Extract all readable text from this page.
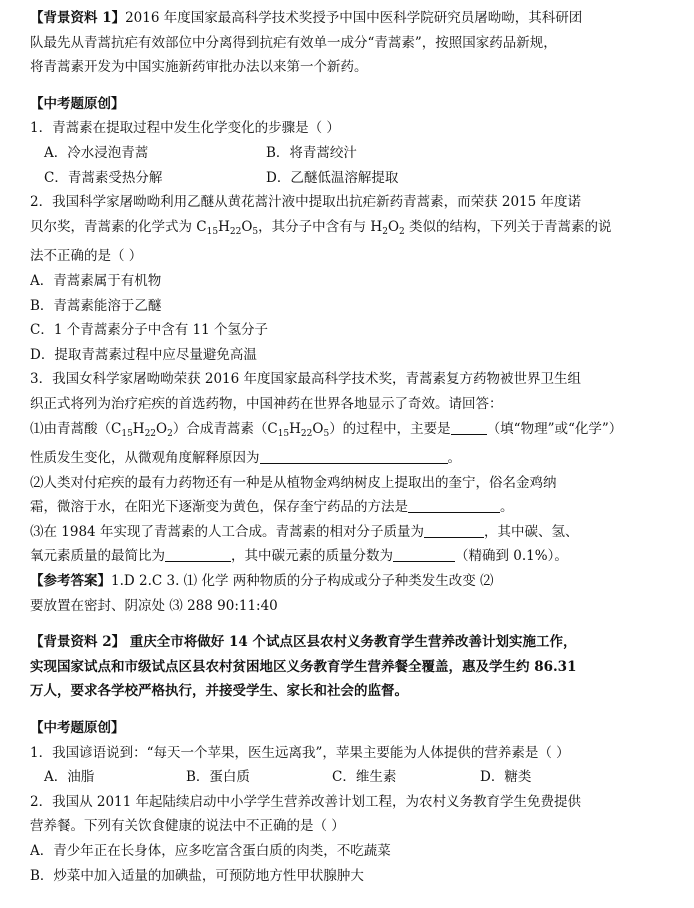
【背景资料 1】2016 年度国家最高科学技术奖授予中国中医科学院研究员屠呦呦，其科研团
队最先从青蒿抗疟有效部位中分离得到抗疟有效单一成分“青蒿素”，按照国家药品新规，
将青蒿素开发为中国实施新药审批办法以来第一个新药。
【中考题原创】
1．青蒿素在提取过程中发生化学变化的步骤是（ ）
A．冷水浸泡青蒿	B．将青蒿绞汁
C．青蒿素受热分解	D．乙醚低温溶解提取
2．我国科学家屠呦呦利用乙醚从黄花蒿汁液中提取出抗疟新药青蒿素，而荣获 2015 年度诺
贝尔奖，青蒿素的化学式为 $C_{15}H_{22}O_5$，其分子中含有与 $H_2O_2$ 类似的结构，下列关于青蒿素的说
法不正确的是（ ）
A．青蒿素属于有机物
B．青蒿素能溶于乙醚
C．1 个青蒿素分子中含有 11 个氢分子
D．提取青蒿素过程中应尽量避免高温
3．我国女科学家屠呦呦荣获 2016 年度国家最高科学技术奖，青蒿素复方药物被世界卫生组
织正式将列为治疗疟疾的首选药物，中国神药在世界各地显示了奇效。请回答：
⑴由青蒿酸$(C_{15}H_{22}O_2)$合成青蒿素$(C_{15}H_{22}O_5)$的过程中，主要是	（填“物理”或“化学”）
性质发生变化，从微观角度解释原因为	。
⑵人类对付疟疾的最有力药物还有一种是从植物金鸡纳树皮上提取出的奎宁，俗名金鸡纳
霜，微溶于水，在阳光下逐渐变为黄色，保存奎宁药品的方法是	。
⑶在 1984 年实现了青蒿素的人工合成。青蒿素的相对分子质量为	，其中碳、氢、
氧元素质量的最简比为	，其中碳元素的质量分数为	（精确到 0.1%）。
【参考答案】1.D 2.C 3. ⑴ 化学 两种物质的分子构成或分子种类发生改变 ⑵
要放置在密封、阴凉处 ⑶ 288 90:11:40
【背景资料 2】 重庆全市将做好 14 个试点区县农村义务教育学生营养改善计划实施工作，
实现国家试点和市级试点区县农村贫困地区义务教育学生营养餐全覆盖，惠及学生约 86.31
万人，要求各学校严格执行，并接受学生、家长和社会的监督。
【中考题原创】
1．我国谚语说到：“每天一个苹果，医生远离我”，苹果主要能为人体提供的营养素是（ ）
A．油脂	B．蛋白质	C．维生素	D．糖类
2．我国从 2011 年起陆续启动中小学学生营养改善计划工程，为农村义务教育学生免费提供
营养餐。下列有关饮食健康的说法中不正确的是（ ）
A．青少年正在长身体，应多吃富含蛋白质的肉类，不吃蔬菜
B．炒菜中加入适量的加碘盐，可预防地方性甲状腺肿大
